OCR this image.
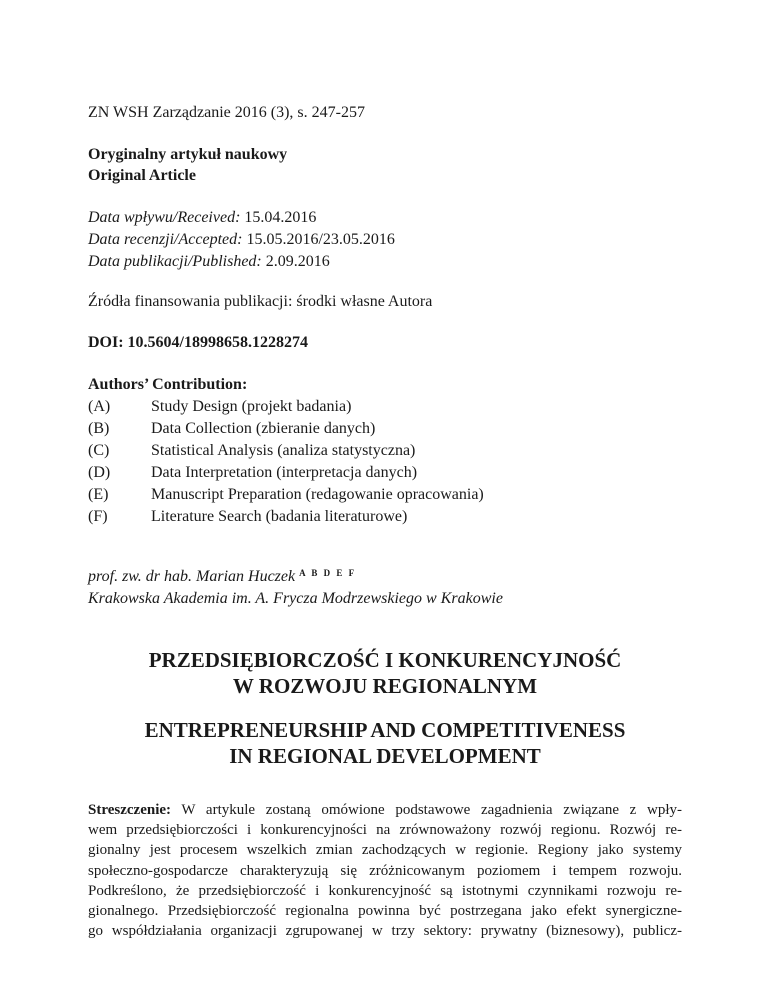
ZN WSH Zarządzanie 2016 (3), s. 247-257
Oryginalny artykuł naukowy
Original Article
Data wpływu/Received: 15.04.2016
Data recenzji/Accepted: 15.05.2016/23.05.2016
Data publikacji/Published: 2.09.2016
Źródła finansowania publikacji: środki własne Autora
DOI: 10.5604/18998658.1228274
Authors’ Contribution:
(A)	Study Design (projekt badania)
(B)	Data Collection (zbieranie danych)
(C)	Statistical Analysis (analiza statystyczna)
(D)	Data Interpretation (interpretacja danych)
(E)	Manuscript Preparation (redagowanie opracowania)
(F)	Literature Search (badania literaturowe)
prof. zw. dr hab. Marian Huczek $^{A B D E F}$
Krakowska Akademia im. A. Frycza Modrzewskiego w Krakowie
PRZEDSIĘBIORCZOŚĆ I KONKURENCYJNOŚĆ
W ROZWOJU REGIONALNYM
ENTREPRENEURSHIP AND COMPETITIVENESS
IN REGIONAL DEVELOPMENT
Streszczenie: W artykule zostaną omówione podstawowe zagadnienia związane z wpły-
wem przedsiębiorczości i konkurencyjności na zrównoważony rozwój regionu. Rozwój re-
gionalny jest procesem wszelkich zmian zachodzących w regionie. Regiony jako systemy
społeczno-gospodarcze charakteryzują się zróżnicowanym poziomem i tempem rozwoju.
Podkreślono, że przedsiębiorczość i konkurencyjność są istotnymi czynnikami rozwoju re-
gionalnego. Przedsiębiorczość regionalna powinna być postrzegana jako efekt synergiczne-
go współdziałania organizacji zgrupowanej w trzy sektory: prywatny (biznesowy), publicz-
